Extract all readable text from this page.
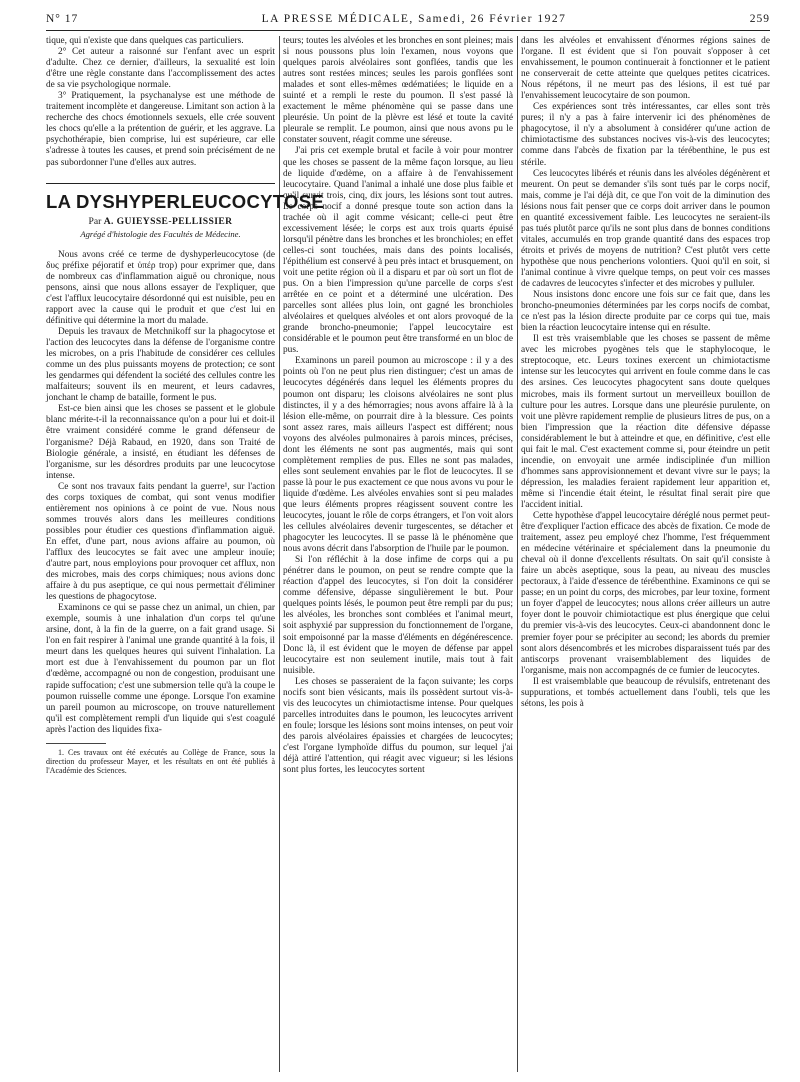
N° 17	LA PRESSE MÉDICALE, Samedi, 26 Février 1927	259

tique, qui n'existe que dans quelques cas particuliers.

2° Cet auteur a raisonné sur l'enfant avec un esprit d'adulte. Chez ce dernier, d'ailleurs, la sexualité est loin d'être une règle constante dans l'accomplissement des actes de sa vie psychologique normale.

3° Pratiquement, la psychanalyse est une méthode de traitement incomplète et dangereuse. Limitant son action à la recherche des chocs émotionnels sexuels, elle crée souvent les chocs qu'elle a la prétention de guérir, et les aggrave. La psychothérapie, bien comprise, lui est supérieure, car elle s'adresse à toutes les causes, et prend soin précisément de ne pas subordonner l'une d'elles aux autres.

LA DYSHYPERLEUCOCYTOSE
Par A. GUIEYSSE-PELLISSIER
Agrégé d'histologie des Facultés de Médecine.

Nous avons créé ce terme de dyshyperleucocytose (de δυς préfixe péjoratif et ὑπέρ trop) pour exprimer que, dans de nombreux cas d'inflammation aiguë ou chronique, nous pensons, ainsi que nous allons essayer de l'expliquer, que c'est l'afflux leucocytaire désordonné qui est nuisible, peu en rapport avec la cause qui le produit et que c'est lui en définitive qui détermine la mort du malade.

Depuis les travaux de Metchnikoff sur la phagocytose et l'action des leucocytes dans la défense de l'organisme contre les microbes, on a pris l'habitude de considérer ces cellules comme un des plus puissants moyens de protection; ce sont les gendarmes qui défendent la société des cellules contre les malfaiteurs; souvent ils en meurent, et leurs cadavres, jonchant le champ de bataille, forment le pus.

Est-ce bien ainsi que les choses se passent et le globule blanc mérite-t-il la reconnaissance qu'on a pour lui et doit-il être vraiment considéré comme le grand défenseur de l'organisme? Déjà Rabaud, en 1920, dans son Traité de Biologie générale, a insisté, en étudiant les défenses de l'organisme, sur les désordres produits par une leucocytose intense.

Ce sont nos travaux faits pendant la guerre¹, sur l'action des corps toxiques de combat, qui sont venus modifier entièrement nos opinions à ce point de vue. Nous nous sommes trouvés alors dans les meilleures conditions possibles pour étudier ces questions d'inflammation aiguë. En effet, d'une part, nous avions affaire au poumon, où l'afflux des leucocytes se fait avec une ampleur inouïe; d'autre part, nous employions pour provoquer cet afflux, non des microbes, mais des corps chimiques; nous avions donc affaire à du pus aseptique, ce qui nous permettait d'éliminer les questions de phagocytose.

Examinons ce qui se passe chez un animal, un chien, par exemple, soumis à une inhalation d'un corps tel qu'une arsine, dont, à la fin de la guerre, on a fait grand usage. Si l'on en fait respirer à l'animal une grande quantité à la fois, il meurt dans les quelques heures qui suivent l'inhalation. La mort est due à l'envahissement du poumon par un flot d'œdème, accompagné ou non de congestion, produisant une rapide suffocation; c'est une submersion telle qu'à la coupe le poumon ruisselle comme une éponge. Lorsque l'on examine un pareil poumon au microscope, on trouve naturellement qu'il est complètement rempli d'un liquide qui s'est coagulé après l'action des liquides fixa-

1. Ces travaux ont été exécutés au Collège de France, sous la direction du professeur Mayer, et les résultats en ont été publiés à l'Académie des Sciences.

teurs; toutes les alvéoles et les bronches en sont pleines; mais si nous poussons plus loin l'examen, nous voyons que quelques parois alvéolaires sont gonflées, tandis que les autres sont restées minces; seules les parois gonflées sont malades et sont elles-mêmes œdématiées; le liquide en a suinté et a rempli le reste du poumon. Il s'est passé là exactement le même phénomène qui se passe dans une pleurésie. Un point de la plèvre est lésé et toute la cavité pleurale se remplit. Le poumon, ainsi que nous avons pu le constater souvent, réagit comme une séreuse.

J'ai pris cet exemple brutal et facile à voir pour montrer que les choses se passent de la même façon lorsque, au lieu de liquide d'œdème, on a affaire à de l'envahissement leucocytaire. Quand l'animal a inhalé une dose plus faible et qu'il survit trois, cinq, dix jours, les lésions sont tout autres. Le corps nocif a donné presque toute son action dans la trachée où il agit comme vésicant; celle-ci peut être excessivement lésée; le corps est aux trois quarts épuisé lorsqu'il pénètre dans les bronches et les bronchioles; en effet celles-ci sont touchées, mais dans des points localisés, l'épithélium est conservé à peu près intact et brusquement, on voit une petite région où il a disparu et par où sort un flot de pus. On a bien l'impression qu'une parcelle de corps s'est arrêtée en ce point et a déterminé une ulcération. Des parcelles sont allées plus loin, ont gagné les bronchioles alvéolaires et quelques alvéoles et ont alors provoqué de la grande broncho-pneumonie; l'appel leucocytaire est considérable et le poumon peut être transformé en un bloc de pus.

Examinons un pareil poumon au microscope : il y a des points où l'on ne peut plus rien distinguer; c'est un amas de leucocytes dégénérés dans lequel les éléments propres du poumon ont disparu; les cloisons alvéolaires ne sont plus distinctes, il y a des hémorragies; nous avons affaire là à la lésion elle-même, on pourrait dire à la blessure. Ces points sont assez rares, mais ailleurs l'aspect est différent; nous voyons des alvéoles pulmonaires à parois minces, précises, dont les éléments ne sont pas augmentés, mais qui sont complètement remplies de pus. Elles ne sont pas malades, elles sont seulement envahies par le flot de leucocytes. Il se passe là pour le pus exactement ce que nous avons vu pour le liquide d'œdème. Les alvéoles envahies sont si peu malades que leurs éléments propres réagissent souvent contre les leucocytes, jouant le rôle de corps étrangers, et l'on voit alors les cellules alvéolaires devenir turgescentes, se détacher et phagocyter les leucocytes. Il se passe là le phénomène que nous avons décrit dans l'absorption de l'huile par le poumon.

Si l'on réfléchit à la dose infime de corps qui a pu pénétrer dans le poumon, on peut se rendre compte que la réaction d'appel des leucocytes, si l'on doit la considérer comme défensive, dépasse singulièrement le but. Pour quelques points lésés, le poumon peut être rempli par du pus; les alvéoles, les bronches sont comblées et l'animal meurt, soit asphyxié par suppression du fonctionnement de l'organe, soit empoisonné par la masse d'éléments en dégénérescence. Donc là, il est évident que le moyen de défense par appel leucocytaire est non seulement inutile, mais tout à fait nuisible.

Les choses se passeraient de la façon suivante; les corps nocifs sont bien vésicants, mais ils possèdent surtout vis-à-vis des leucocytes un chimiotactisme intense. Pour quelques parcelles introduites dans le poumon, les leucocytes arrivent en foule; lorsque les lésions sont moins intenses, on peut voir des parois alvéolaires épaissies et chargées de leucocytes; c'est l'organe lymphoïde diffus du poumon, sur lequel j'ai déjà attiré l'attention, qui réagit avec vigueur; si les lésions sont plus fortes, les leucocytes sortent

dans les alvéoles et envahissent d'énormes régions saines de l'organe. Il est évident que si l'on pouvait s'opposer à cet envahissement, le poumon continuerait à fonctionner et le patient ne conserverait de cette atteinte que quelques petites cicatrices. Nous répétons, il ne meurt pas des lésions, il est tué par l'envahissement leucocytaire de son poumon.

Ces expériences sont très intéressantes, car elles sont très pures; il n'y a pas à faire intervenir ici des phénomènes de phagocytose, il n'y a absolument à considérer qu'une action de chimiotactisme des substances nocives vis-à-vis des leucocytes; comme dans l'abcès de fixation par la térébenthine, le pus est stérile.

Ces leucocytes libérés et réunis dans les alvéoles dégénèrent et meurent. On peut se demander s'ils sont tués par le corps nocif, mais, comme je l'ai déjà dit, ce que l'on voit de la diminution des lésions nous fait penser que ce corps doit arriver dans le poumon en quantité excessivement faible. Les leucocytes ne seraient-ils pas tués plutôt parce qu'ils ne sont plus dans de bonnes conditions vitales, accumulés en trop grande quantité dans des espaces trop étroits et privés de moyens de nutrition? C'est plutôt vers cette hypothèse que nous pencherions volontiers. Quoi qu'il en soit, si l'animal continue à vivre quelque temps, on peut voir ces masses de cadavres de leucocytes s'infecter et des microbes y pulluler.

Nous insistons donc encore une fois sur ce fait que, dans les broncho-pneumonies déterminées par les corps nocifs de combat, ce n'est pas la lésion directe produite par ce corps qui tue, mais bien la réaction leucocytaire intense qui en résulte.

Il est très vraisemblable que les choses se passent de même avec les microbes pyogènes tels que le staphylocoque, le streptocoque, etc. Leurs toxines exercent un chimiotactisme intense sur les leucocytes qui arrivent en foule comme dans le cas des arsines. Ces leucocytes phagocytent sans doute quelques microbes, mais ils forment surtout un merveilleux bouillon de culture pour les autres. Lorsque dans une pleurésie purulente, on voit une plèvre rapidement remplie de plusieurs litres de pus, on a bien l'impression que la réaction dite défensive dépasse considérablement le but à atteindre et que, en définitive, c'est elle qui fait le mal. C'est exactement comme si, pour éteindre un petit incendie, on envoyait une armée indisciplinée d'un million d'hommes sans approvisionnement et devant vivre sur le pays; la dépression, les maladies feraient rapidement leur apparition et, même si l'incendie était éteint, le résultat final serait pire que l'accident initial.

Cette hypothèse d'appel leucocytaire déréglé nous permet peut-être d'expliquer l'action efficace des abcès de fixation. Ce mode de traitement, assez peu employé chez l'homme, l'est fréquemment en médecine vétérinaire et spécialement dans la pneumonie du cheval où il donne d'excellents résultats. On sait qu'il consiste à faire un abcès aseptique, sous la peau, au niveau des muscles pectoraux, à l'aide d'essence de térébenthine. Examinons ce qui se passe; en un point du corps, des microbes, par leur toxine, forment un foyer d'appel de leucocytes; nous allons créer ailleurs un autre foyer dont le pouvoir chimiotactique est plus énergique que celui du premier vis-à-vis des leucocytes. Ceux-ci abandonnent donc le premier foyer pour se précipiter au second; les abords du premier sont alors désencombrés et les microbes disparaissent tués par des antiscorps provenant vraisemblablement des liquides de l'organisme, mais non accompagnés de ce fumier de leucocytes.

Il est vraisemblable que beaucoup de révulsifs, entretenant des suppurations, et tombés actuellement dans l'oubli, tels que les sétons, les pois à
